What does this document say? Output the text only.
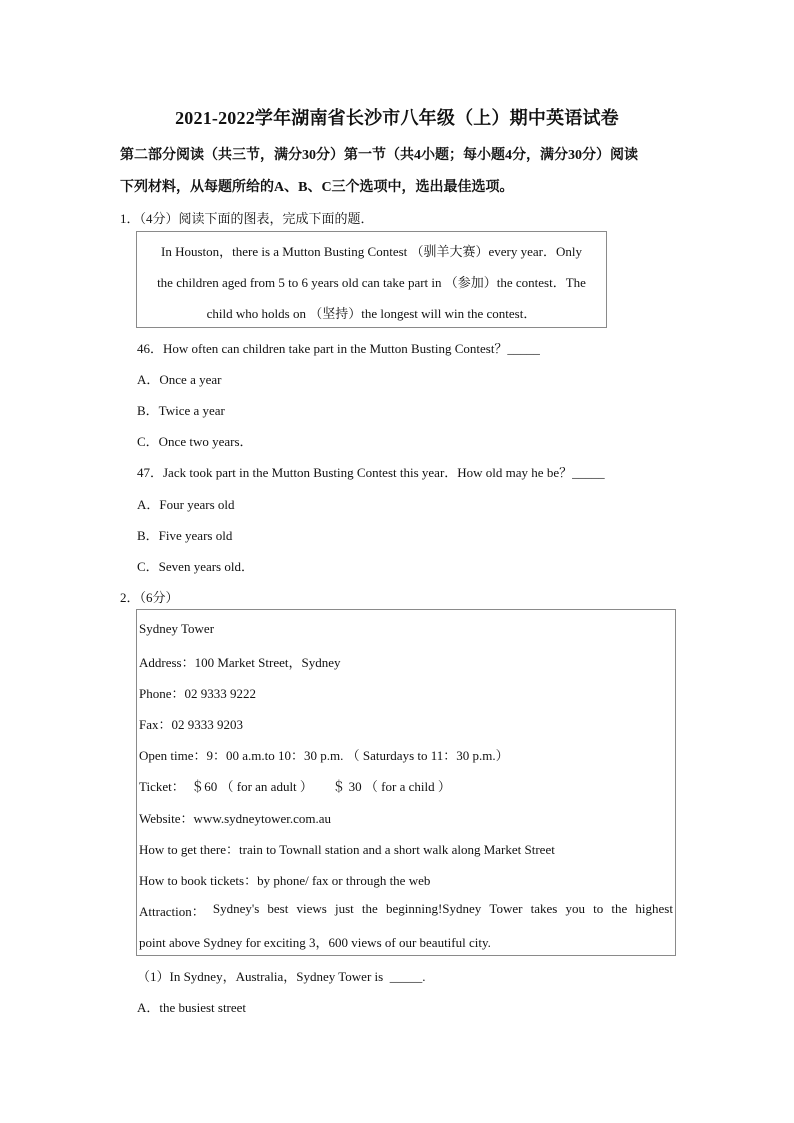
2021-2022学年湖南省长沙市八年级（上）期中英语试卷
第二部分阅读（共三节，满分30分）第一节（共4小题；每小题4分，满分30分）阅读
下列材料，从每题所给的A、B、C三个选项中，选出最佳选项。
1．（4分）阅读下面的图表，完成下面的题．
In Houston，there is a Mutton Busting Contest （驯羊大赛）every year．Only
the children aged from 5 to 6 years old can take part in （参加）the contest．The
child who holds on （坚持）the longest will win the contest．
46．How often can children take part in the Mutton Busting Contest？_____
A．Once a year
B．Twice a year
C．Once two years．
47．Jack took part in the Mutton Busting Contest this year．How old may he be？_____
A．Four years old
B．Five years old
C．Seven years old．
2．（6分）
Sydney Tower
Address：100 Market Street，Sydney
Phone：02 9333 9222
Fax：02 9333 9203
Open time：9：00 a.m.to 10：30 p.m. （ Saturdays to 11：30 p.m.）
Ticket：  ＄60 （ for an adult ）      ＄ 30 （ for a child ）
Website：www.sydneytower.com.au
How to get there：train to Townall station and a short walk along Market Street
How to book tickets：by phone/ fax or through the web
Attraction： Sydney's best views just the beginning!Sydney Tower takes you to the highest
point above Sydney for exciting 3，600 views of our beautiful city.
（1）In Sydney，Australia，Sydney Tower is  _____.
A．the busiest street
